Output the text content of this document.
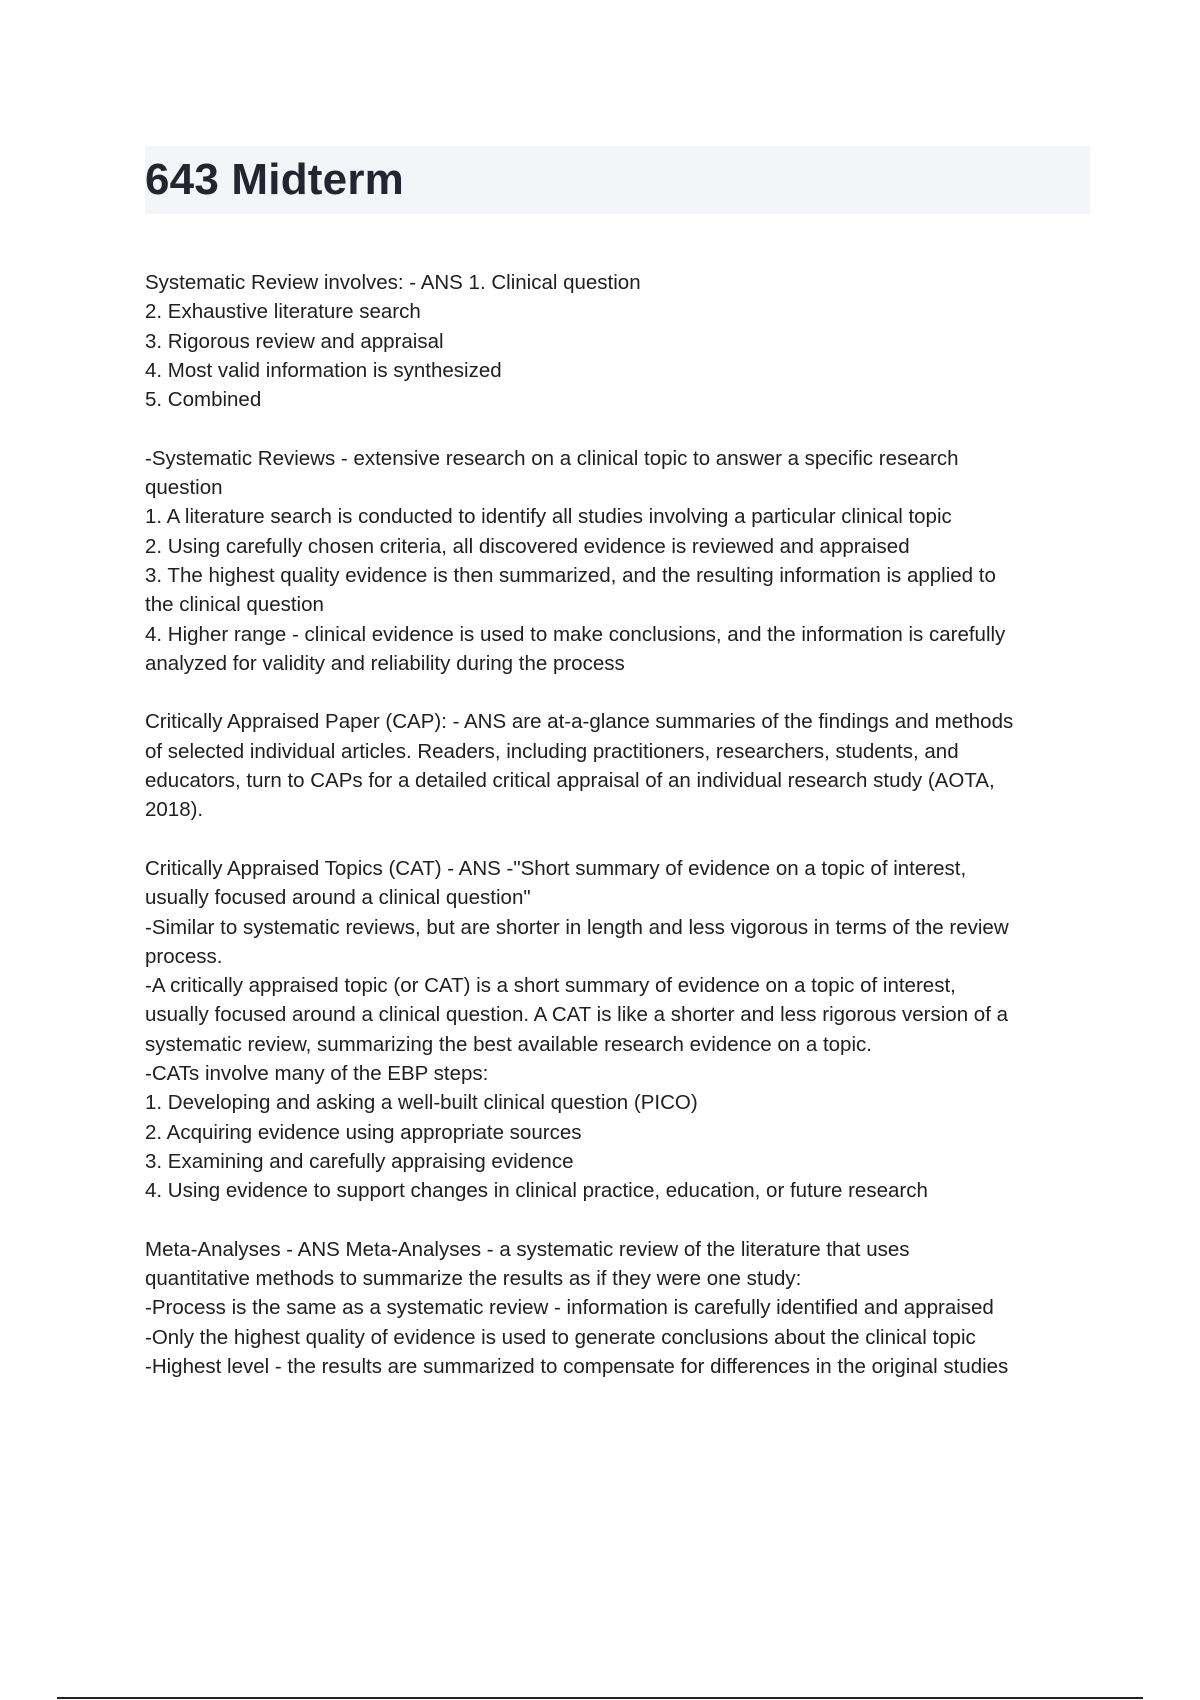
643 Midterm
Systematic Review involves: - ANS 1. Clinical question
2. Exhaustive literature search
3. Rigorous review and appraisal
4. Most valid information is synthesized
5. Combined
-Systematic Reviews - extensive research on a clinical topic to answer a specific research
question
1. A literature search is conducted to identify all studies involving a particular clinical topic
2. Using carefully chosen criteria, all discovered evidence is reviewed and appraised
3. The highest quality evidence is then summarized, and the resulting information is applied to
the clinical question
4. Higher range - clinical evidence is used to make conclusions, and the information is carefully
analyzed for validity and reliability during the process
Critically Appraised Paper (CAP): - ANS are at-a-glance summaries of the findings and methods
of selected individual articles. Readers, including practitioners, researchers, students, and
educators, turn to CAPs for a detailed critical appraisal of an individual research study (AOTA,
2018).
Critically Appraised Topics (CAT) - ANS -"Short summary of evidence on a topic of interest,
usually focused around a clinical question"
-Similar to systematic reviews, but are shorter in length and less vigorous in terms of the review
process.
-A critically appraised topic (or CAT) is a short summary of evidence on a topic of interest,
usually focused around a clinical question. A CAT is like a shorter and less rigorous version of a
systematic review, summarizing the best available research evidence on a topic.
-CATs involve many of the EBP steps:
1. Developing and asking a well-built clinical question (PICO)
2. Acquiring evidence using appropriate sources
3. Examining and carefully appraising evidence
4. Using evidence to support changes in clinical practice, education, or future research
Meta-Analyses - ANS Meta-Analyses - a systematic review of the literature that uses
quantitative methods to summarize the results as if they were one study:
-Process is the same as a systematic review - information is carefully identified and appraised
-Only the highest quality of evidence is used to generate conclusions about the clinical topic
-Highest level - the results are summarized to compensate for differences in the original studies
